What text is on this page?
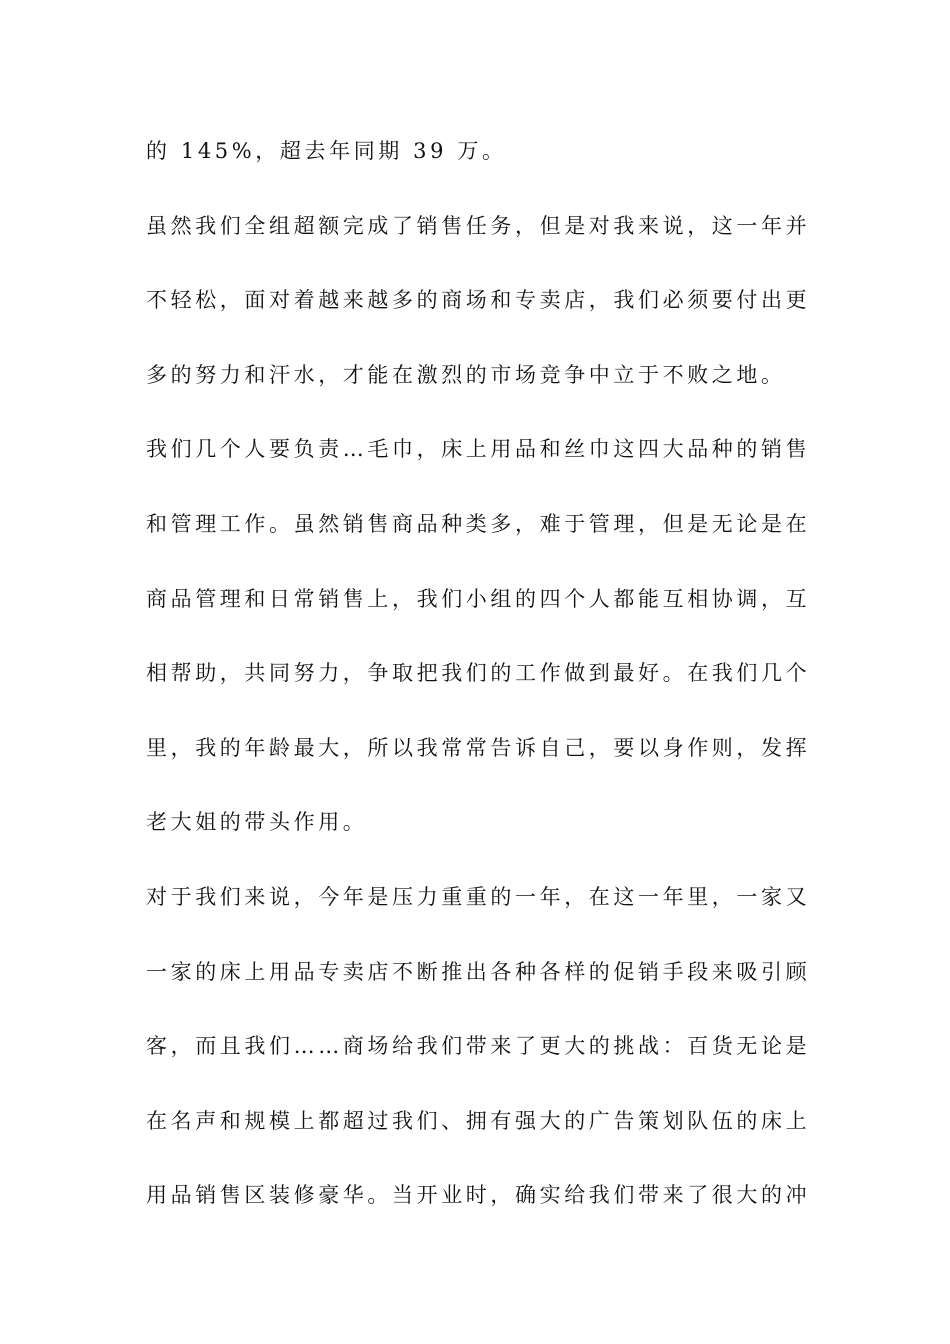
的 145%，超去年同期 39 万。
虽然我们全组超额完成了销售任务，但是对我来说，这一年并
不轻松，面对着越来越多的商场和专卖店，我们必须要付出更
多的努力和汗水，才能在激烈的市场竞争中立于不败之地。
我们几个人要负责…毛巾，床上用品和丝巾这四大品种的销售
和管理工作。虽然销售商品种类多，难于管理，但是无论是在
商品管理和日常销售上，我们小组的四个人都能互相协调，互
相帮助，共同努力，争取把我们的工作做到最好。在我们几个
里，我的年龄最大，所以我常常告诉自己，要以身作则，发挥
老大姐的带头作用。
对于我们来说，今年是压力重重的一年，在这一年里，一家又
一家的床上用品专卖店不断推出各种各样的促销手段来吸引顾
客，而且我们……商场给我们带来了更大的挑战：百货无论是
在名声和规模上都超过我们、拥有强大的广告策划队伍的床上
用品销售区装修豪华。当开业时，确实给我们带来了很大的冲
